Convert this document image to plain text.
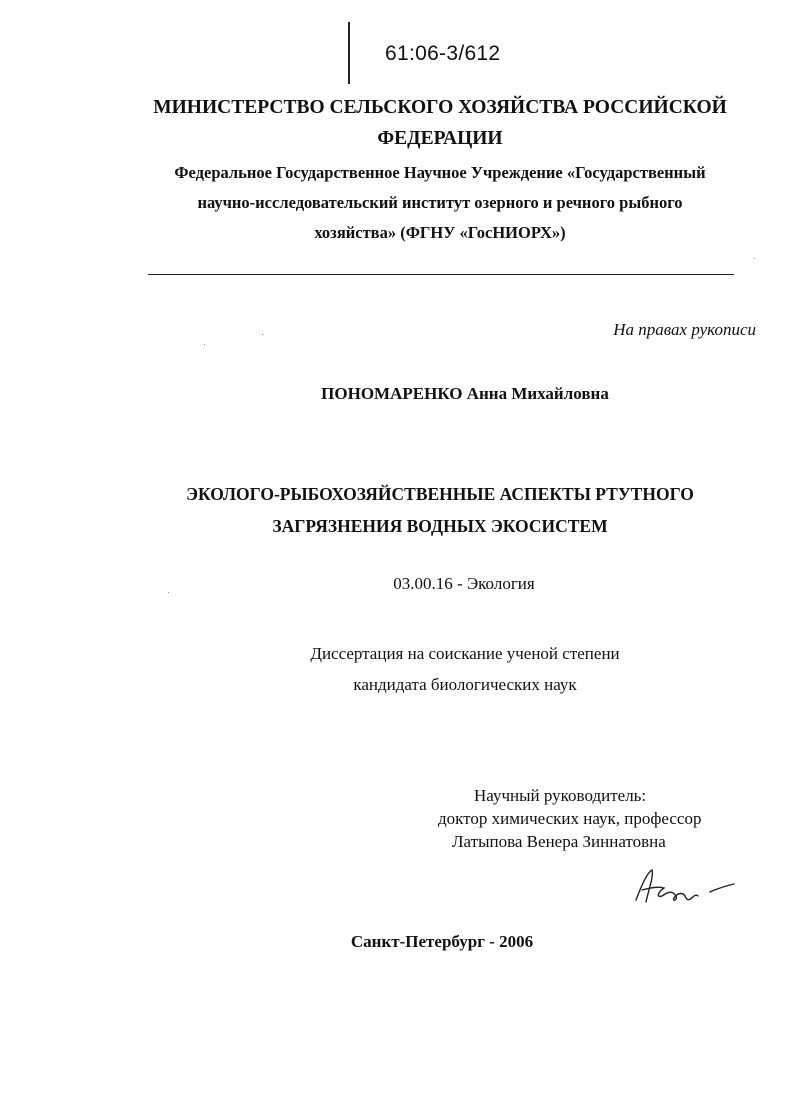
61:06-3/612
МИНИСТЕРСТВО СЕЛЬСКОГО ХОЗЯЙСТВА РОССИЙСКОЙ
ФЕДЕРАЦИИ
Федеральное Государственное Научное Учреждение «Государственный
научно-исследовательский институт озерного и речного рыбного
хозяйства» (ФГНУ «ГосНИОРХ»)
На правах рукописи
ПОНОМАРЕНКО Анна Михайловна
ЭКОЛОГО-РЫБОХОЗЯЙСТВЕННЫЕ АСПЕКТЫ РТУТНОГО
ЗАГРЯЗНЕНИЯ ВОДНЫХ ЭКОСИСТЕМ
03.00.16 - Экология
Диссертация на соискание ученой степени
кандидата биологических наук
Научный руководитель:
доктор химических наук, профессор
Латыпова Венера Зиннатовна
Санкт-Петербург - 2006
